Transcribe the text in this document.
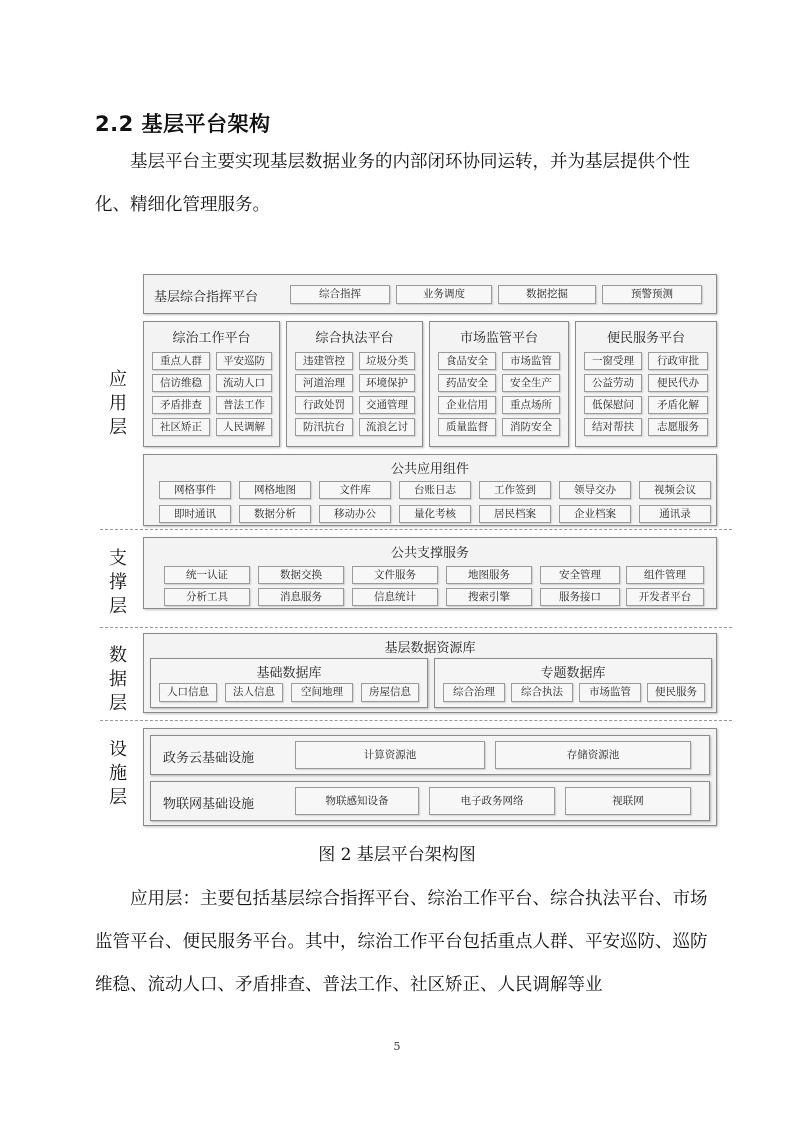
2.2 基层平台架构

基层平台主要实现基层数据业务的内部闭环协同运转，并为基层提供个性化、精细化管理服务。

应用层
支撑层
数据层
设施层
基层综合指挥平台	综合指挥	业务调度	数据挖掘	预警预测
综治工作平台
重点人群	平安巡防
信访维稳	流动人口
矛盾排查	普法工作
社区矫正	人民调解
综合执法平台
违建管控	垃圾分类
河道治理	环境保护
行政处罚	交通管理
防汛抗台	流浪乞讨
市场监管平台
食品安全	市场监管
药品安全	安全生产
企业信用	重点场所
质量监督	消防安全
便民服务平台
一窗受理	行政审批
公益劳动	便民代办
低保慰问	矛盾化解
结对帮扶	志愿服务
公共应用组件
网格事件	网格地图	文件库	台账日志	工作签到	领导交办	视频会议
即时通讯	数据分析	移动办公	量化考核	居民档案	企业档案	通讯录
公共支撑服务
统一认证	数据交换	文件服务	地图服务	安全管理	组件管理
分析工具	消息服务	信息统计	搜索引擎	服务接口	开发者平台
基层数据资源库
基础数据库
人口信息	法人信息	空间地理	房屋信息
专题数据库
综合治理	综合执法	市场监管	便民服务
政务云基础设施	计算资源池	存储资源池
物联网基础设施	物联感知设备	电子政务网络	视联网
图 2 基层平台架构图

应用层：主要包括基层综合指挥平台、综治工作平台、综合执法平台、市场监管平台、便民服务平台。其中，综治工作平台包括重点人群、平安巡防、巡防维稳、流动人口、矛盾排查、普法工作、社区矫正、人民调解等业

5
